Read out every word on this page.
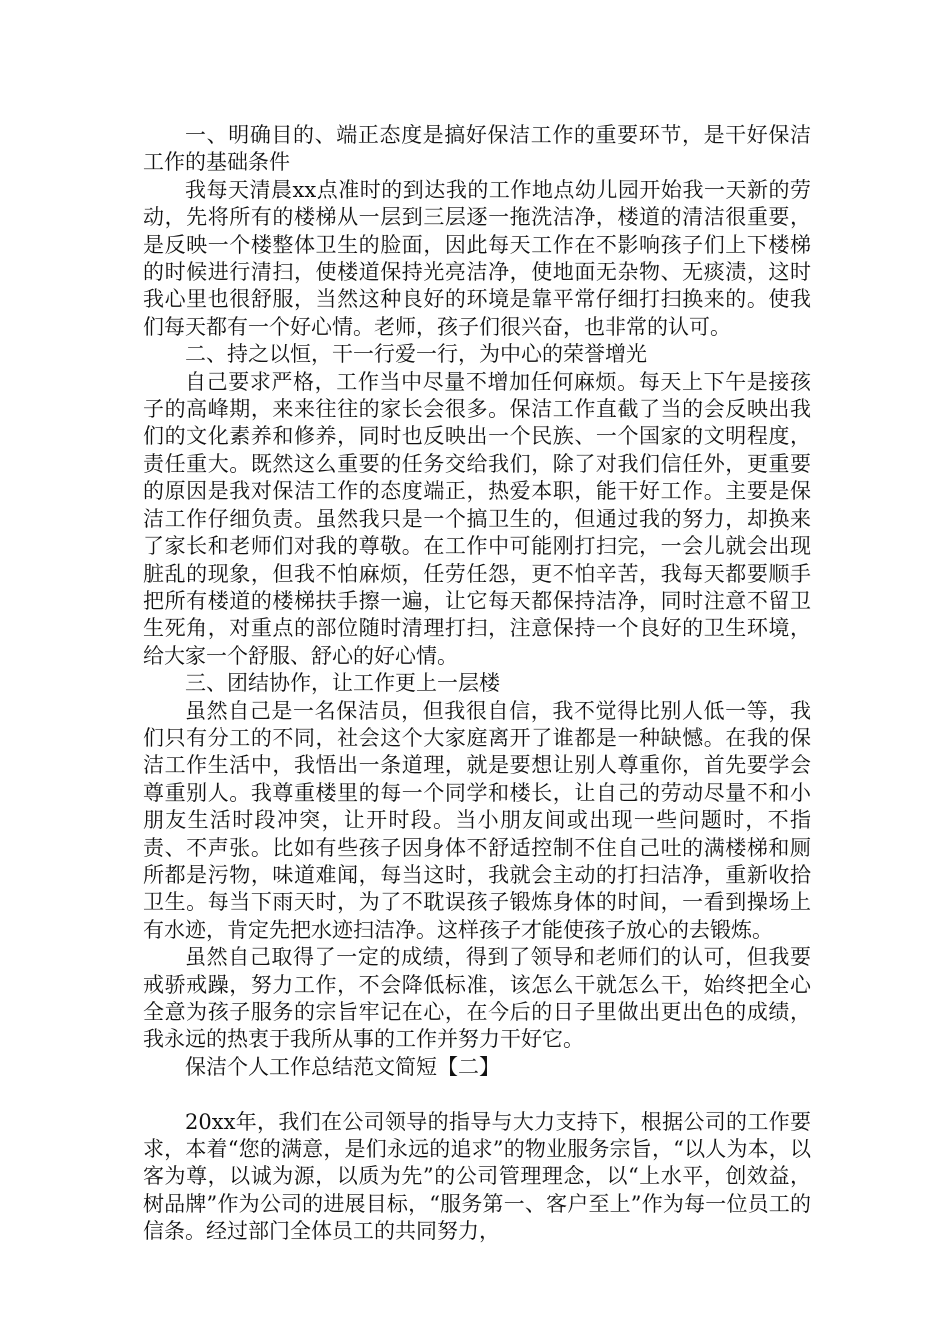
一、明确目的、端正态度是搞好保洁工作的重要环节，是干好保洁工作的基础条件

我每天清晨xx点准时的到达我的工作地点幼儿园开始我一天新的劳动，先将所有的楼梯从一层到三层逐一拖洗洁净，楼道的清洁很重要，是反映一个楼整体卫生的脸面，因此每天工作在不影响孩子们上下楼梯的时候进行清扫，使楼道保持光亮洁净，使地面无杂物、无痰渍，这时我心里也很舒服，当然这种良好的环境是靠平常仔细打扫换来的。使我们每天都有一个好心情。老师，孩子们很兴奋，也非常的认可。

二、持之以恒，干一行爱一行，为中心的荣誉增光

自己要求严格，工作当中尽量不增加任何麻烦。每天上下午是接孩子的高峰期，来来往往的家长会很多。保洁工作直截了当的会反映出我们的文化素养和修养，同时也反映出一个民族、一个国家的文明程度，责任重大。既然这么重要的任务交给我们，除了对我们信任外，更重要的原因是我对保洁工作的态度端正，热爱本职，能干好工作。主要是保洁工作仔细负责。虽然我只是一个搞卫生的，但通过我的努力，却换来了家长和老师们对我的尊敬。在工作中可能刚打扫完，一会儿就会出现脏乱的现象，但我不怕麻烦，任劳任怨，更不怕辛苦，我每天都要顺手把所有楼道的楼梯扶手擦一遍，让它每天都保持洁净，同时注意不留卫生死角，对重点的部位随时清理打扫，注意保持一个良好的卫生环境，给大家一个舒服、舒心的好心情。

三、团结协作，让工作更上一层楼

虽然自己是一名保洁员，但我很自信，我不觉得比别人低一等，我们只有分工的不同，社会这个大家庭离开了谁都是一种缺憾。在我的保洁工作生活中，我悟出一条道理，就是要想让别人尊重你，首先要学会尊重别人。我尊重楼里的每一个同学和楼长，让自己的劳动尽量不和小朋友生活时段冲突，让开时段。当小朋友间或出现一些问题时，不指责、不声张。比如有些孩子因身体不舒适控制不住自己吐的满楼梯和厕所都是污物，味道难闻，每当这时，我就会主动的打扫洁净，重新收拾卫生。每当下雨天时，为了不耽误孩子锻炼身体的时间，一看到操场上有水迹，肯定先把水迹扫洁净。这样孩子才能使孩子放心的去锻炼。

虽然自己取得了一定的成绩，得到了领导和老师们的认可，但我要戒骄戒躁，努力工作，不会降低标准，该怎么干就怎么干，始终把全心全意为孩子服务的宗旨牢记在心，在今后的日子里做出更出色的成绩，我永远的热衷于我所从事的工作并努力干好它。

保洁个人工作总结范文简短【二】

20xx年，我们在公司领导的指导与大力支持下，根据公司的工作要求，本着“您的满意，是们永远的追求”的物业服务宗旨，“以人为本，以客为尊，以诚为源，以质为先”的公司管理理念，以“上水平，创效益，树品牌”作为公司的进展目标，“服务第一、客户至上”作为每一位员工的信条。经过部门全体员工的共同努力，
